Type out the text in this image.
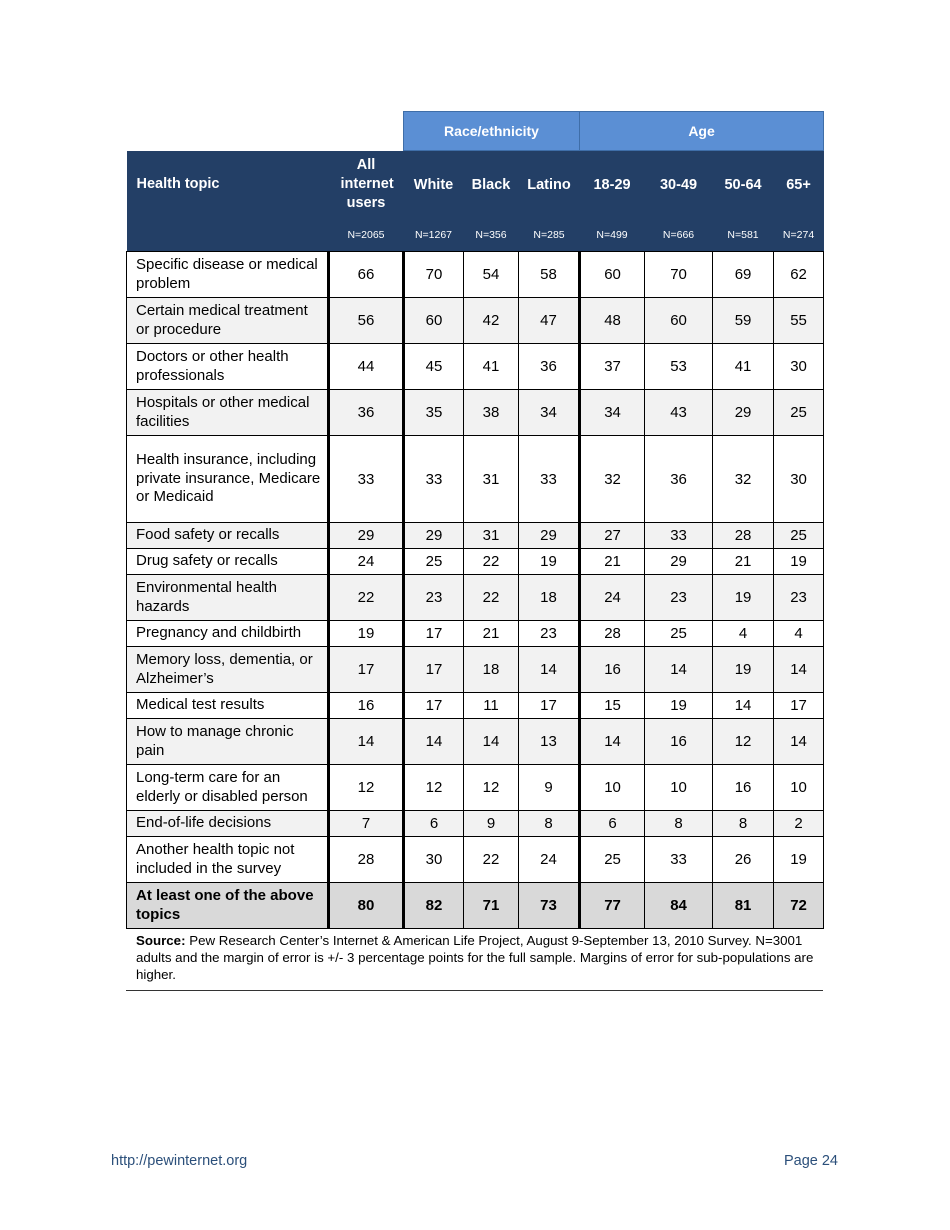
		Race/ethnicity			Age			
Health topic	All internet users	White	Black	Latino	18-29	30-49	50-64	65+
	N=2065	N=1267	N=356	N=285	N=499	N=666	N=581	N=274
Specific disease or medical problem	66	70	54	58	60	70	69	62
Certain medical treatment or procedure	56	60	42	47	48	60	59	55
Doctors or other health professionals	44	45	41	36	37	53	41	30
Hospitals or other medical facilities	36	35	38	34	34	43	29	25
Health insurance, including private insurance, Medicare or Medicaid	33	33	31	33	32	36	32	30
Food safety or recalls	29	29	31	29	27	33	28	25
Drug safety or recalls	24	25	22	19	21	29	21	19
Environmental health hazards	22	23	22	18	24	23	19	23
Pregnancy and childbirth	19	17	21	23	28	25	4	4
Memory loss, dementia, or Alzheimer’s	17	17	18	14	16	14	19	14
Medical test results	16	17	11	17	15	19	14	17
How to manage chronic pain	14	14	14	13	14	16	12	14
Long-term care for an elderly or disabled person	12	12	12	9	10	10	16	10
End-of-life decisions	7	6	9	8	6	8	8	2
Another health topic not included in the survey	28	30	22	24	25	33	26	19
At least one of the above topics	80	82	71	73	77	84	81	72
Source: Pew Research Center’s Internet & American Life Project, August 9-September 13, 2010 Survey. N=3001 adults and the margin of error is +/- 3 percentage points for the full sample. Margins of error for sub-populations are higher.
http://pewinternet.org	Page 24
